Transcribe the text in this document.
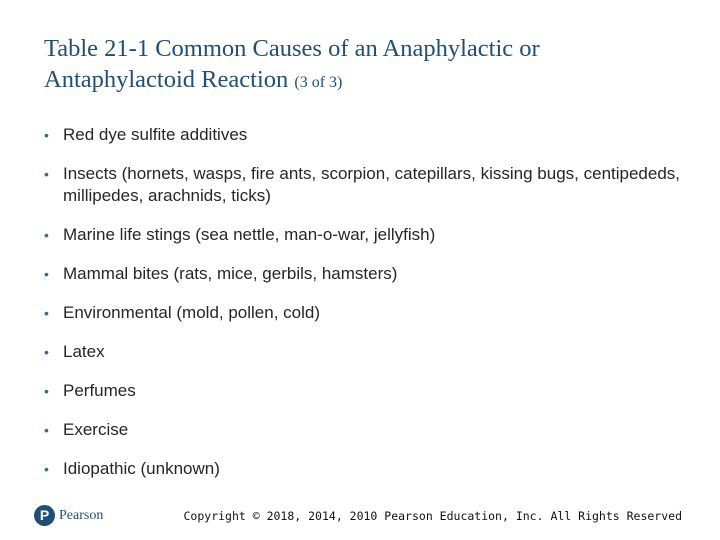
Table 21-1 Common Causes of an Anaphylactic or Antaphylactoid Reaction (3 of 3)
• Red dye sulfite additives
• Insects (hornets, wasps, fire ants, scorpion, catepillars, kissing bugs, centipededs, millipedes, arachnids, ticks)
• Marine life stings (sea nettle, man-o-war, jellyfish)
• Mammal bites (rats, mice, gerbils, hamsters)
• Environmental (mold, pollen, cold)
• Latex
• Perfumes
• Exercise
• Idiopathic (unknown)
P Pearson	Copyright © 2018, 2014, 2010 Pearson Education, Inc. All Rights Reserved
